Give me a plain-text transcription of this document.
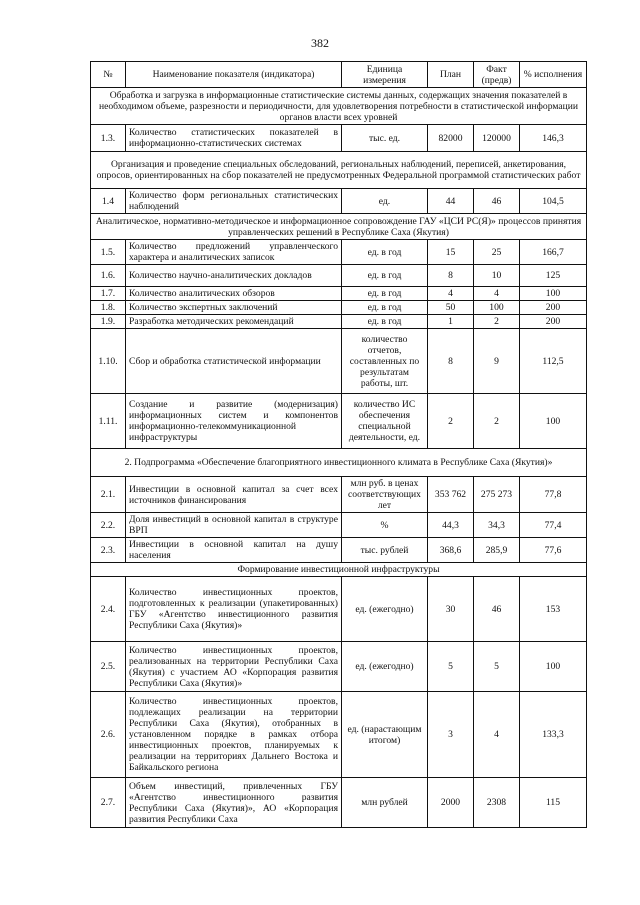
382
№	Наименование показателя (индикатора)	Единица измерения	План	Факт (предв)	% исполнения
Обработка и загрузка в информационные статистические системы данных, содержащих значения показателей в необходимом объеме, разрезности и периодичности, для удовлетворения потребности в статистической информации органов власти всех уровней					
1.3.	Количество статистических показателей в информационно-статистических системах	тыс. ед.	82000	120000	146,3
Организация и проведение специальных обследований, региональных наблюдений, переписей, анкетирования, опросов, ориентированных на сбор показателей не предусмотренных Федеральной программой статистических работ					
1.4	Количество форм региональных статистических наблюдений	ед.	44	46	104,5
Аналитическое, нормативно-методическое и информационное сопровождение ГАУ «ЦСИ РС(Я)» процессов принятия управленческих решений в Республике Саха (Якутия)					
1.5.	Количество предложений управленческого характера и аналитических записок	ед. в год	15	25	166,7
1.6.	Количество научно-аналитических докладов	ед. в год	8	10	125
1.7.	Количество аналитических обзоров	ед. в год	4	4	100
1.8.	Количество экспертных заключений	ед. в год	50	100	200
1.9.	Разработка методических рекомендаций	ед. в год	1	2	200
1.10.	Сбор и обработка статистической информации	количество отчетов, составленных по результатам работы, шт.	8	9	112,5
1.11.	Создание и развитие (модернизация) информационных систем и компонентов информационно-телекоммуникационной инфраструктуры	количество ИС обеспечения специальной деятельности, ед.	2	2	100
2. Подпрограмма «Обеспечение благоприятного инвестиционного климата в Республике Саха (Якутия)»					
2.1.	Инвестиции в основной капитал за счет всех источников финансирования	млн руб. в ценах соответствующих лет	353 762	275 273	77,8
2.2.	Доля инвестиций в основной капитал в структуре ВРП	%	44,3	34,3	77,4
2.3.	Инвестиции в основной капитал на душу населения	тыс. рублей	368,6	285,9	77,6
Формирование инвестиционной инфраструктуры					
2.4.	Количество инвестиционных проектов, подготовленных к реализации (упакетированных) ГБУ «Агентство инвестиционного развития Республики Саха (Якутия)»	ед. (ежегодно)	30	46	153
2.5.	Количество инвестиционных проектов, реализованных на территории Республики Саха (Якутия) с участием АО «Корпорация развития Республики Саха (Якутия)»	ед. (ежегодно)	5	5	100
2.6.	Количество инвестиционных проектов, подлежащих реализации на территории Республики Саха (Якутия), отобранных в установленном порядке в рамках отбора инвестиционных проектов, планируемых к реализации на территориях Дальнего Востока и Байкальского региона	ед. (нарастающим итогом)	3	4	133,3
2.7.	Объем инвестиций, привлеченных ГБУ «Агентство инвестиционного развития Республики Саха (Якутия)», АО «Корпорация развития Республики Саха	млн рублей	2000	2308	115
